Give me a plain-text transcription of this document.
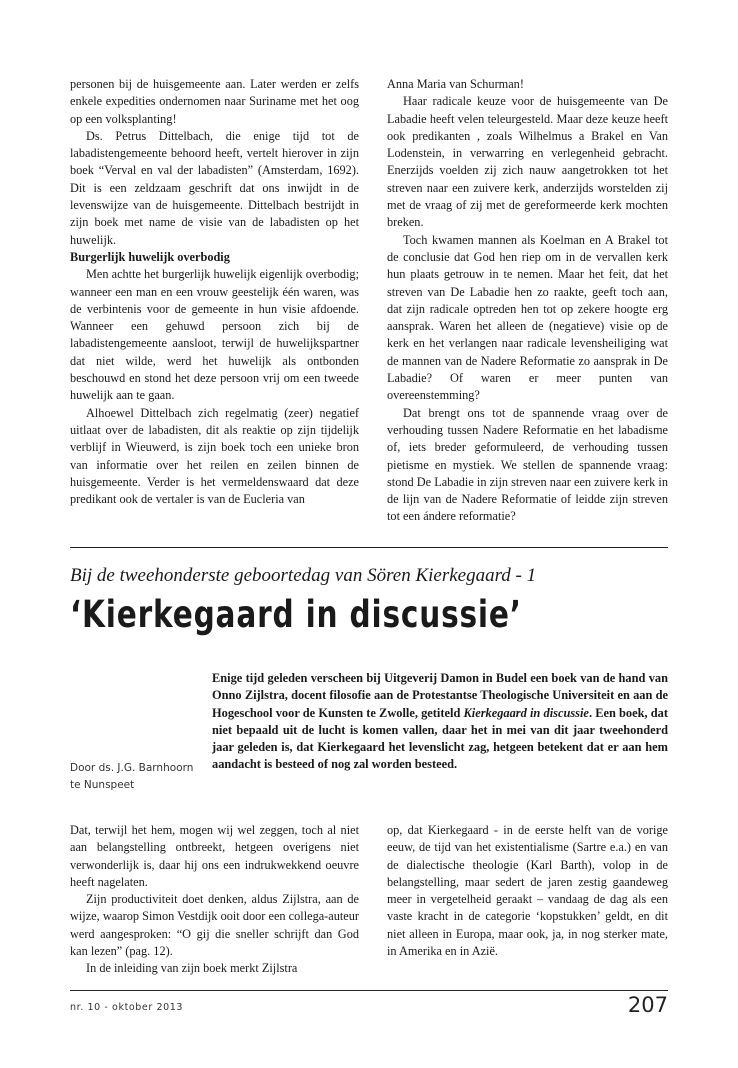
personen bij de huisgemeente aan. Later werden er zelfs enkele expedities ondernomen naar Suriname met het oog op een volksplanting!

Ds. Petrus Dittelbach, die enige tijd tot de labadistengemeente behoord heeft, vertelt hierover in zijn boek “Verval en val der labadisten” (Amsterdam, 1692). Dit is een zeldzaam geschrift dat ons inwijdt in de levenswijze van de huisgemeente. Dittelbach bestrijdt in zijn boek met name de visie van de labadisten op het huwelijk.

Burgerlijk huwelijk overbodig

Men achtte het burgerlijk huwelijk eigenlijk overbodig; wanneer een man en een vrouw geestelijk één waren, was de verbintenis voor de gemeente in hun visie afdoende. Wanneer een gehuwd persoon zich bij de labadistengemeente aansloot, terwijl de huwelijkspartner dat niet wilde, werd het huwelijk als ontbonden beschouwd en stond het deze persoon vrij om een tweede huwelijk aan te gaan.

Alhoewel Dittelbach zich regelmatig (zeer) negatief uitlaat over de labadisten, dit als reaktie op zijn tijdelijk verblijf in Wieuwerd, is zijn boek toch een unieke bron van informatie over het reilen en zeilen binnen de huisgemeente. Verder is het vermeldenswaard dat deze predikant ook de vertaler is van de Eucleria van

Anna Maria van Schurman!

Haar radicale keuze voor de huisgemeente van De Labadie heeft velen teleurgesteld. Maar deze keuze heeft ook predikanten , zoals Wilhelmus a Brakel en Van Lodenstein, in verwarring en verlegenheid gebracht. Enerzijds voelden zij zich nauw aangetrokken tot het streven naar een zuivere kerk, anderzijds worstelden zij met de vraag of zij met de gereformeerde kerk mochten breken.

Toch kwamen mannen als Koelman en A Brakel tot de conclusie dat God hen riep om in de vervallen kerk hun plaats getrouw in te nemen. Maar het feit, dat het streven van De Labadie hen zo raakte, geeft toch aan, dat zijn radicale optreden hen tot op zekere hoogte erg aansprak. Waren het alleen de (negatieve) visie op de kerk en het verlangen naar radicale levensheiliging wat de mannen van de Nadere Reformatie zo aansprak in De Labadie? Of waren er meer punten van overeenstemming?

Dat brengt ons tot de spannende vraag over de verhouding tussen Nadere Reformatie en het labadisme of, iets breder geformuleerd, de verhouding tussen pietisme en mystiek. We stellen de spannende vraag: stond De Labadie in zijn streven naar een zuivere kerk in de lijn van de Nadere Reformatie of leidde zijn streven tot een ándere reformatie?

Bij de tweehonderste geboortedag van Sören Kierkegaard - 1
‘Kierkegaard in discussie’
Door ds. J.G. Barnhoorn
te Nunspeet
Enige tijd geleden verscheen bij Uitgeverij Damon in Budel een boek van de hand van Onno Zijlstra, docent filosofie aan de Protestantse Theologische Universiteit en aan de Hogeschool voor de Kunsten te Zwolle, getiteld Kierkegaard in discussie. Een boek, dat niet bepaald uit de lucht is komen vallen, daar het in mei van dit jaar tweehonderd jaar geleden is, dat Kierkegaard het levenslicht zag, hetgeen betekent dat er aan hem aandacht is besteed of nog zal worden besteed.

Dat, terwijl het hem, mogen wij wel zeggen, toch al niet aan belangstelling ontbreekt, hetgeen overigens niet verwonderlijk is, daar hij ons een indrukwekkend oeuvre heeft nagelaten.

Zijn productiviteit doet denken, aldus Zijlstra, aan de wijze, waarop Simon Vestdijk ooit door een collega-auteur werd aangesproken: “O gij die sneller schrijft dan God kan lezen” (pag. 12).

In de inleiding van zijn boek merkt Zijlstra

op, dat Kierkegaard - in de eerste helft van de vorige eeuw, de tijd van het existentialisme (Sartre e.a.) en van de dialectische theologie (Karl Barth), volop in de belangstelling, maar sedert de jaren zestig gaandeweg meer in vergetelheid geraakt – vandaag de dag als een vaste kracht in de categorie ‘kopstukken’ geldt, en dit niet alleen in Europa, maar ook, ja, in nog sterker mate, in Amerika en in Azië.

nr. 10 - oktober 2013	207
